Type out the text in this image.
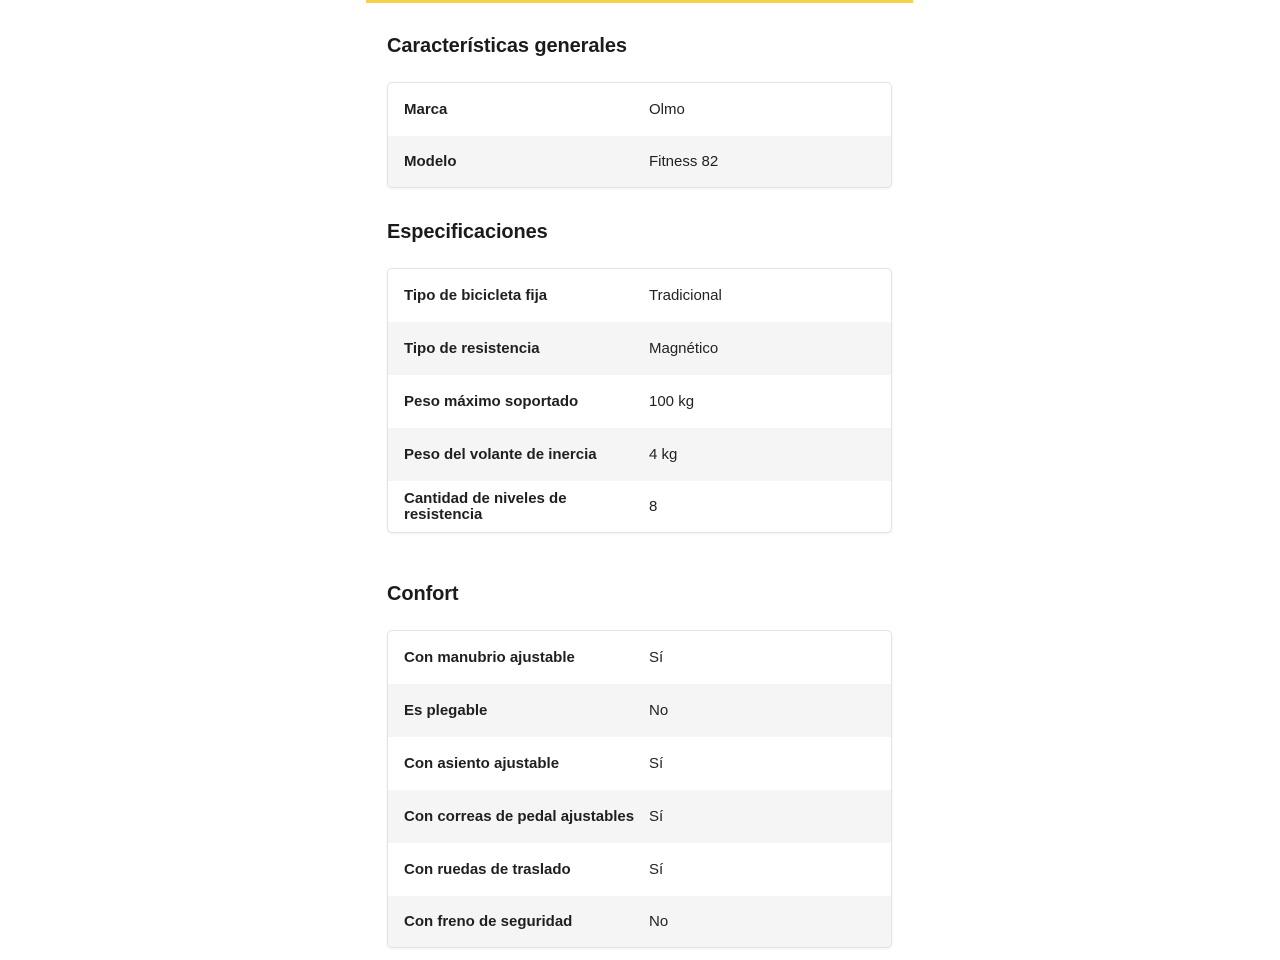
Características generales
Marca	Olmo
Modelo	Fitness 82
Especificaciones
Tipo de bicicleta fija	Tradicional
Tipo de resistencia	Magnético
Peso máximo soportado	100 kg
Peso del volante de inercia	4 kg
Cantidad de niveles de resistencia	8
Confort
Con manubrio ajustable	Sí
Es plegable	No
Con asiento ajustable	Sí
Con correas de pedal ajustables Sí
Con ruedas de traslado	Sí
Con freno de seguridad	No
